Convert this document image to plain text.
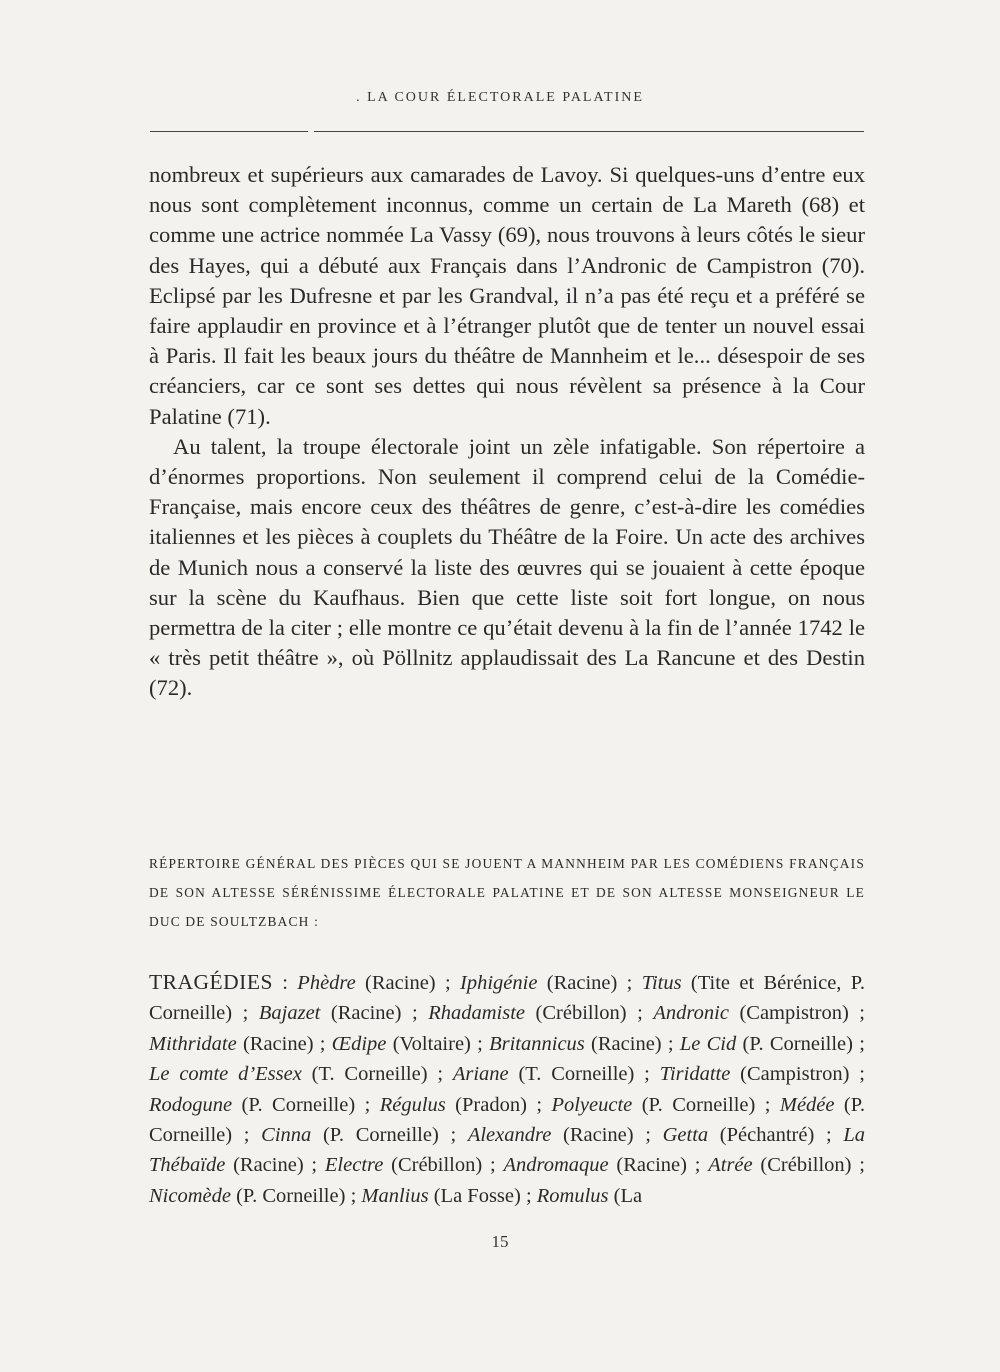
. LA COUR ÉLECTORALE PALATINE

nombreux et supérieurs aux camarades de Lavoy. Si quelques-uns d’entre eux nous sont complètement inconnus, comme un certain de La Mareth (68) et comme une actrice nommée La Vassy (69), nous trouvons à leurs côtés le sieur des Hayes, qui a débuté aux Français dans l’Andronic de Campistron (70). Eclipsé par les Dufresne et par les Grandval, il n’a pas été reçu et a préféré se faire applaudir en province et à l’étranger plutôt que de tenter un nouvel essai à Paris. Il fait les beaux jours du théâtre de Mannheim et le... désespoir de ses créanciers, car ce sont ses dettes qui nous révèlent sa présence à la Cour Palatine (71).

Au talent, la troupe électorale joint un zèle infatigable. Son répertoire a d’énormes proportions. Non seulement il comprend celui de la Comédie-Française, mais encore ceux des théâtres de genre, c’est-à-dire les comédies italiennes et les pièces à couplets du Théâtre de la Foire. Un acte des archives de Munich nous a conservé la liste des œuvres qui se jouaient à cette époque sur la scène du Kaufhaus. Bien que cette liste soit fort longue, on nous permettra de la citer ; elle montre ce qu’était devenu à la fin de l’année 1742 le « très petit théâtre », où Pöllnitz applaudissait des La Rancune et des Destin (72).

RÉPERTOIRE GÉNÉRAL DES PIÈCES QUI SE JOUENT A MANNHEIM PAR LES COMÉDIENS FRANÇAIS DE SON ALTESSE SÉRÉNISSIME ÉLECTORALE PALATINE ET DE SON ALTESSE MONSEIGNEUR LE DUC DE SOULTZBACH :
TRAGÉDIES : Phèdre (Racine) ; Iphigénie (Racine) ; Titus (Tite et Bérénice, P. Corneille) ; Bajazet (Racine) ; Rhadamiste (Crébillon) ; Andronic (Campistron) ; Mithridate (Racine) ; Œdipe (Voltaire) ; Britannicus (Racine) ; Le Cid (P. Corneille) ; Le comte d’Essex (T. Corneille) ; Ariane (T. Corneille) ; Tiridatte (Campistron) ; Rodogune (P. Corneille) ; Régulus (Pradon) ; Polyeucte (P. Corneille) ; Médée (P. Corneille) ; Cinna (P. Corneille) ; Alexandre (Racine) ; Getta (Péchantré) ; La Thébaïde (Racine) ; Electre (Crébillon) ; Andromaque (Racine) ; Atrée (Crébillon) ; Nicomède (P. Corneille) ; Manlius (La Fosse) ; Romulus (La
15
